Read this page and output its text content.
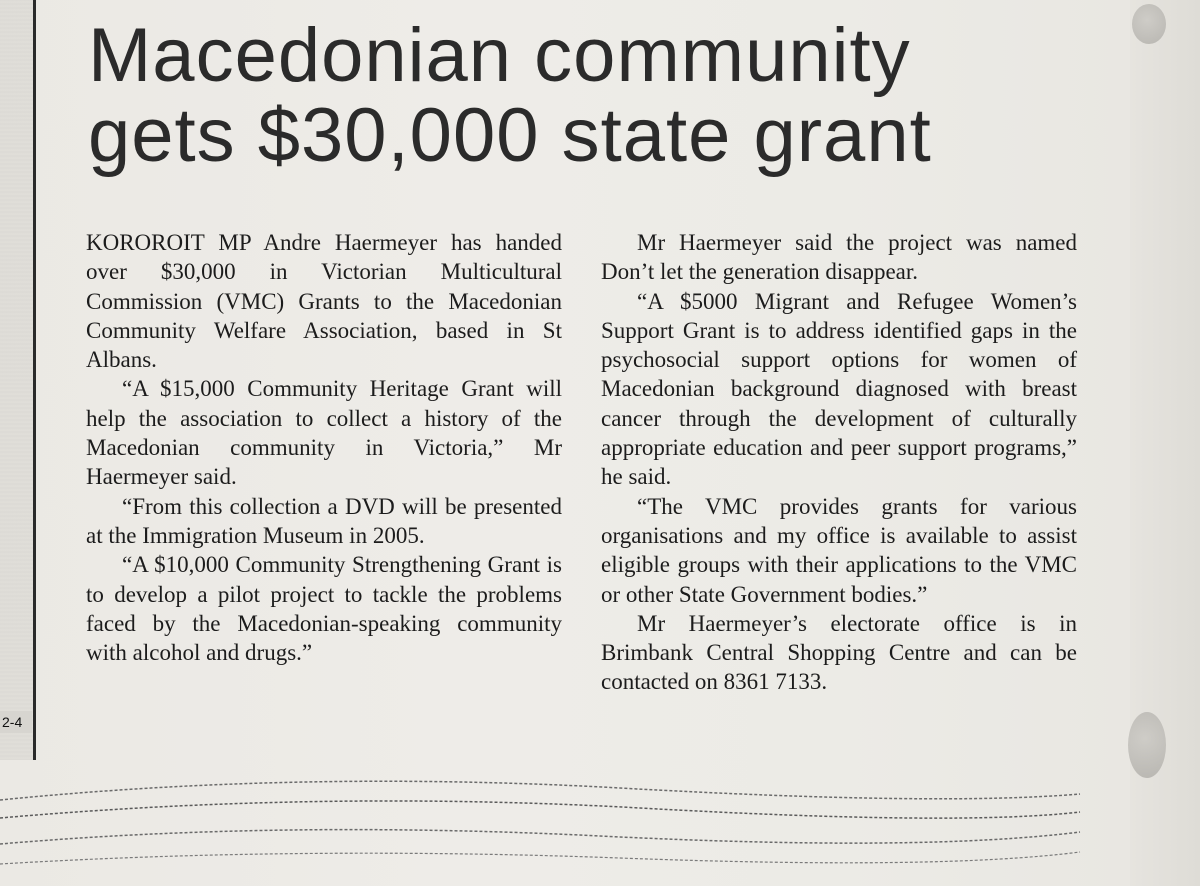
2-4
Macedonian community
gets $30,000 state grant

KOROROIT MP Andre Haermeyer has handed over $30,000 in Victorian Multicultural Commission (VMC) Grants to the Macedonian Community Welfare Association, based in St Albans.

“A $15,000 Community Heritage Grant will help the association to collect a history of the Macedonian community in Victoria,” Mr Haermeyer said.

“From this collection a DVD will be presented at the Immigration Museum in 2005.

“A $10,000 Community Strengthening Grant is to develop a pilot project to tackle the problems faced by the Macedonian-speaking community with alcohol and drugs.”

Mr Haermeyer said the project was named Don’t let the generation disappear.

“A $5000 Migrant and Refugee Women’s Support Grant is to address identified gaps in the psychosocial support options for women of Macedonian background diagnosed with breast cancer through the development of culturally appropriate education and peer support programs,” he said.

“The VMC provides grants for various organisations and my office is available to assist eligible groups with their applications to the VMC or other State Government bodies.”

Mr Haermeyer’s electorate office is in Brimbank Central Shopping Centre and can be contacted on 8361 7133.
